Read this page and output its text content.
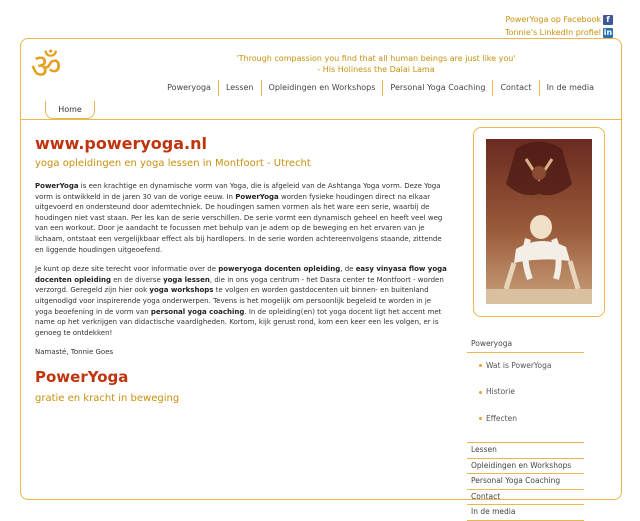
PowerYoga op Facebook f
Tonnie's LinkedIn profiel in
ॐ	'Through compassion you find that all human beings are just like you'
- His Holiness the Dalai Lama
Poweryoga	Lessen	Opleidingen en Workshops	Personal Yoga Coaching	Contact	In de media
Home
www.poweryoga.nl
yoga opleidingen en yoga lessen in Montfoort - Utrecht

PowerYoga is een krachtige en dynamische vorm van Yoga, die is afgeleid van de Ashtanga Yoga vorm. Deze Yoga vorm is ontwikkeld in de jaren 30 van de vorige eeuw. In PowerYoga worden fysieke houdingen direct na elkaar uitgevoerd en ondersteund door ademtechniek. De houdingen samen vormen als het ware een serie, waarbij de houdingen niet vast staan. Per les kan de serie verschillen. De serie vormt een dynamisch geheel en heeft veel weg van een workout. Door je aandacht te focussen met behulp van je adem op de beweging en het ervaren van je lichaam, ontstaat een vergelijkbaar effect als bij hardlopers. In de serie worden achtereenvolgens staande, zittende en liggende houdingen uitgeoefend.

Je kunt op deze site terecht voor informatie over de poweryoga docenten opleiding, de easy vinyasa flow yoga docenten opleiding en de diverse yoga lessen, die in ons yoga centrum - het Dasra center te Montfoort - worden verzorgd. Geregeld zijn hier ook yoga workshops te volgen en worden gastdocenten uit binnen- en buitenland uitgenodigd voor inspirerende yoga onderwerpen. Tevens is het mogelijk om persoonlijk begeleid te worden in je yoga beoefening in de vorm van personal yoga coaching. In de opleiding(en) tot yoga docent ligt het accent met name op het verkrijgen van didactische vaardigheden. Kortom, kijk gerust rond, kom een keer een les volgen, er is genoeg te ontdekken!

Namasté, Tonnie Goes

PowerYoga
gratie en kracht in beweging
Poweryoga
Wat is PowerYoga
Historie
Effecten
Lessen
Opleidingen en Workshops
Personal Yoga Coaching
Contact
In de media
